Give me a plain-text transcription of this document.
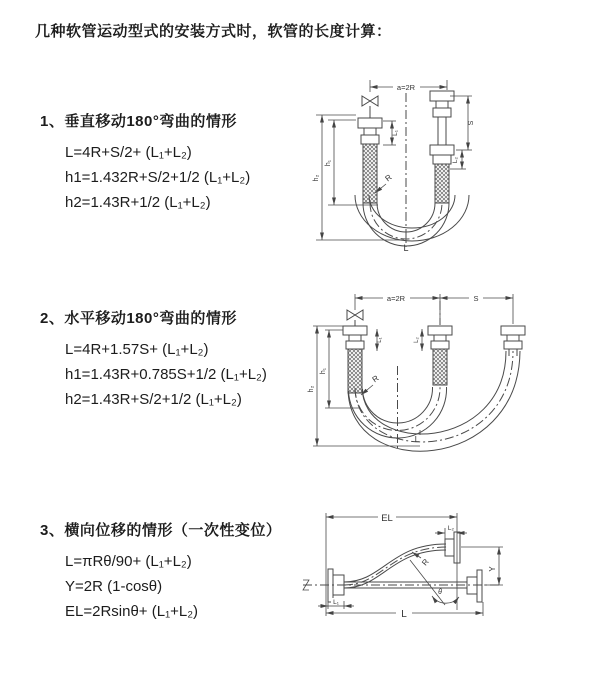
几种软管运动型式的安装方式时，软管的长度计算：

1、垂直移动180°弯曲的情形

L=4R+S/2+ (L₁+L₂)

h1=1.432R+S/2+1/2 (L₁+L₂)

h2=1.43R+1/2 (L₁+L₂)

a=2R
L₁
S
L₂
h₁
h₂	R
L

2、水平移动180°弯曲的情形

L=4R+1.57S+ (L₁+L₂)

h1=1.43R+0.785S+1/2 (L₁+L₂)

h2=1.43R+S/2+1/2 (L₁+L₂)

a=2R	S
L₁	L₂
h₁
h₂
R
L

3、横向位移的情形（一次性变位）

L=πRθ/90+ (L₁+L₂)

Y=2R (1-cosθ)

EL=2Rsinθ+ (L₁+L₂)

EL
L₂
Y
R
θ
L
L₁
